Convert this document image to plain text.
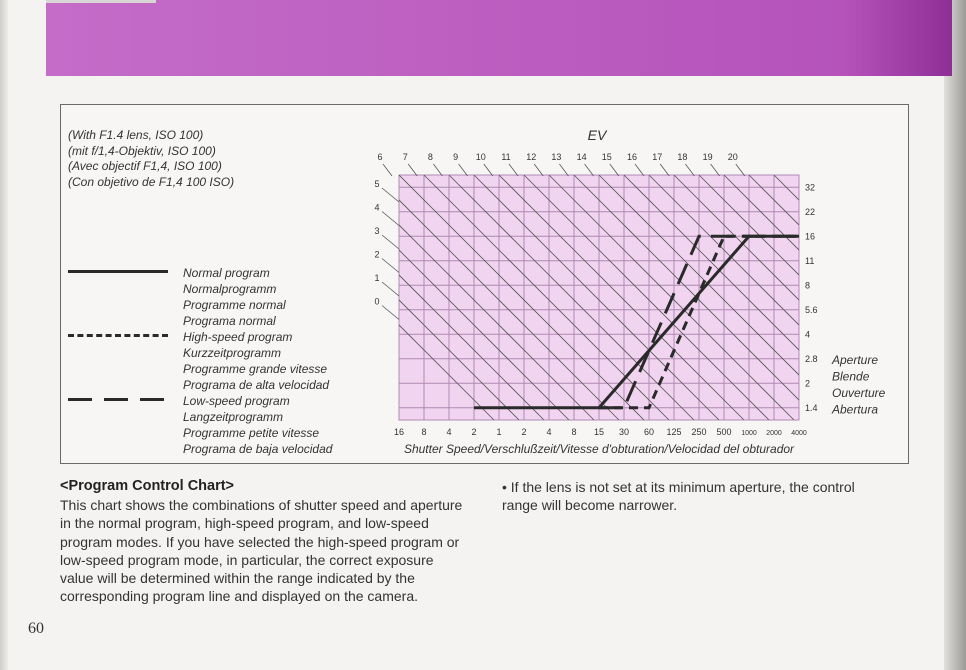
(With F1.4 lens, ISO 100)
(mit f/1,4-Objektiv, ISO 100)
(Avec objectif F1,4, ISO 100)
(Con objetivo de F1,4 100 ISO)
Normal program
Normalprogramm
Programme normal
Programa normal
High-speed program
Kurzzeitprogramm
Programme grande vitesse
Programa de alta velocidad
Low-speed program
Langzeitprogramm
Programme petite vitesse
Programa de baja velocidad
EV
6 7 8 9 10 11 12 13 14 15 16 17 18 19 20
5
4
3
2
1
0
16 8 4 2 1 2 4 8 15 30 60 125 250 500 1000 2000 4000
32
22
16
11
8
5.6
4
2.8
2
1.4
Shutter Speed/Verschlußzeit/Vitesse d'obturation/Velocidad del obturador
Aperture
Blende
Ouverture
Abertura
<Program Control Chart>
This chart shows the combinations of shutter speed and aperture in the normal program, high-speed program, and low-speed program modes. If you have selected the high-speed program or low-speed program mode, in particular, the correct exposure value will be determined within the range indicated by the corresponding program line and displayed on the camera.
• If the lens is not set at its minimum aperture, the control range will become narrower.
60
